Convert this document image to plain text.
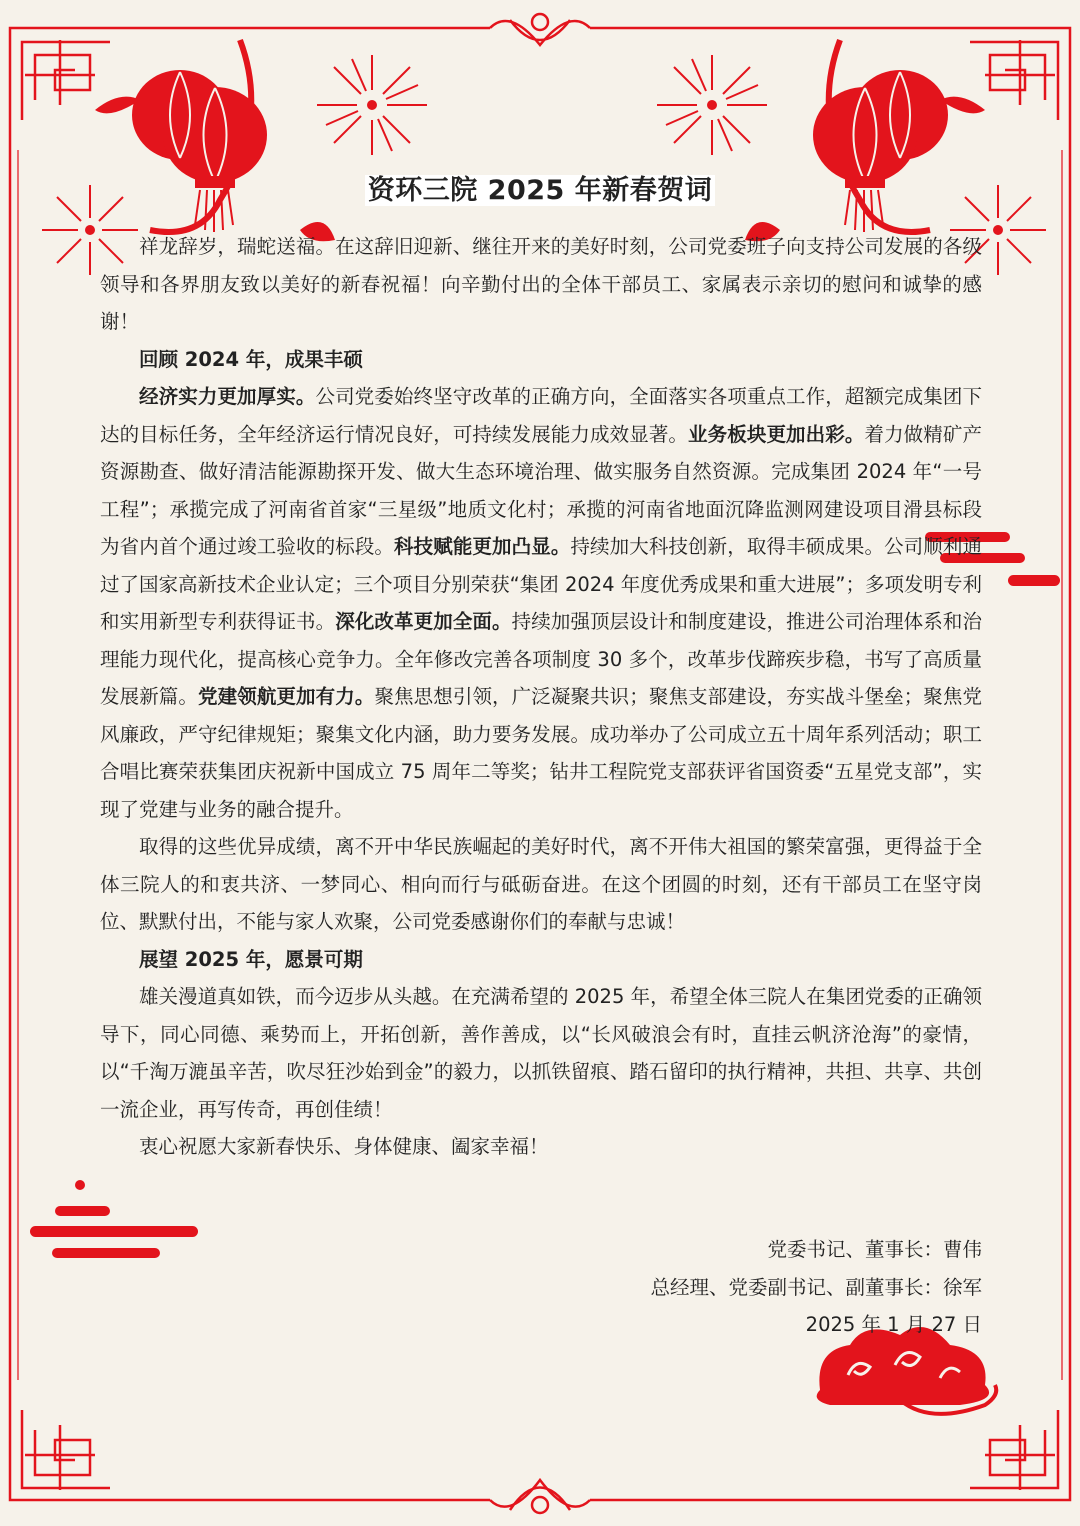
资环三院 2025 年新春贺词

祥龙辞岁，瑞蛇送福。在这辞旧迎新、继往开来的美好时刻，公司党委班子向支持公司发展的各级领导和各界朋友致以美好的新春祝福！向辛勤付出的全体干部员工、家属表示亲切的慰问和诚挚的感谢！

回顾 2024 年，成果丰硕

经济实力更加厚实。公司党委始终坚守改革的正确方向，全面落实各项重点工作，超额完成集团下达的目标任务，全年经济运行情况良好，可持续发展能力成效显著。业务板块更加出彩。着力做精矿产资源勘查、做好清洁能源勘探开发、做大生态环境治理、做实服务自然资源。完成集团 2024 年“一号工程”；承揽完成了河南省首家“三星级”地质文化村；承揽的河南省地面沉降监测网建设项目滑县标段为省内首个通过竣工验收的标段。科技赋能更加凸显。持续加大科技创新，取得丰硕成果。公司顺利通过了国家高新技术企业认定；三个项目分别荣获“集团 2024 年度优秀成果和重大进展”；多项发明专利和实用新型专利获得证书。深化改革更加全面。持续加强顶层设计和制度建设，推进公司治理体系和治理能力现代化，提高核心竞争力。全年修改完善各项制度 30 多个，改革步伐蹄疾步稳，书写了高质量发展新篇。党建领航更加有力。聚焦思想引领，广泛凝聚共识；聚焦支部建设，夯实战斗堡垒；聚焦党风廉政，严守纪律规矩；聚集文化内涵，助力要务发展。成功举办了公司成立五十周年系列活动；职工合唱比赛荣获集团庆祝新中国成立 75 周年二等奖；钻井工程院党支部获评省国资委“五星党支部”，实现了党建与业务的融合提升。

取得的这些优异成绩，离不开中华民族崛起的美好时代，离不开伟大祖国的繁荣富强，更得益于全体三院人的和衷共济、一梦同心、相向而行与砥砺奋进。在这个团圆的时刻，还有干部员工在坚守岗位、默默付出，不能与家人欢聚，公司党委感谢你们的奉献与忠诚！

展望 2025 年，愿景可期

雄关漫道真如铁，而今迈步从头越。在充满希望的 2025 年，希望全体三院人在集团党委的正确领导下，同心同德、乘势而上，开拓创新，善作善成，以“长风破浪会有时，直挂云帆济沧海”的豪情，以“千淘万漉虽辛苦，吹尽狂沙始到金”的毅力，以抓铁留痕、踏石留印的执行精神，共担、共享、共创一流企业，再写传奇，再创佳绩！

衷心祝愿大家新春快乐、身体健康、阖家幸福！

党委书记、董事长：曹伟
总经理、党委副书记、副董事长：徐军
2025 年 1 月 27 日
